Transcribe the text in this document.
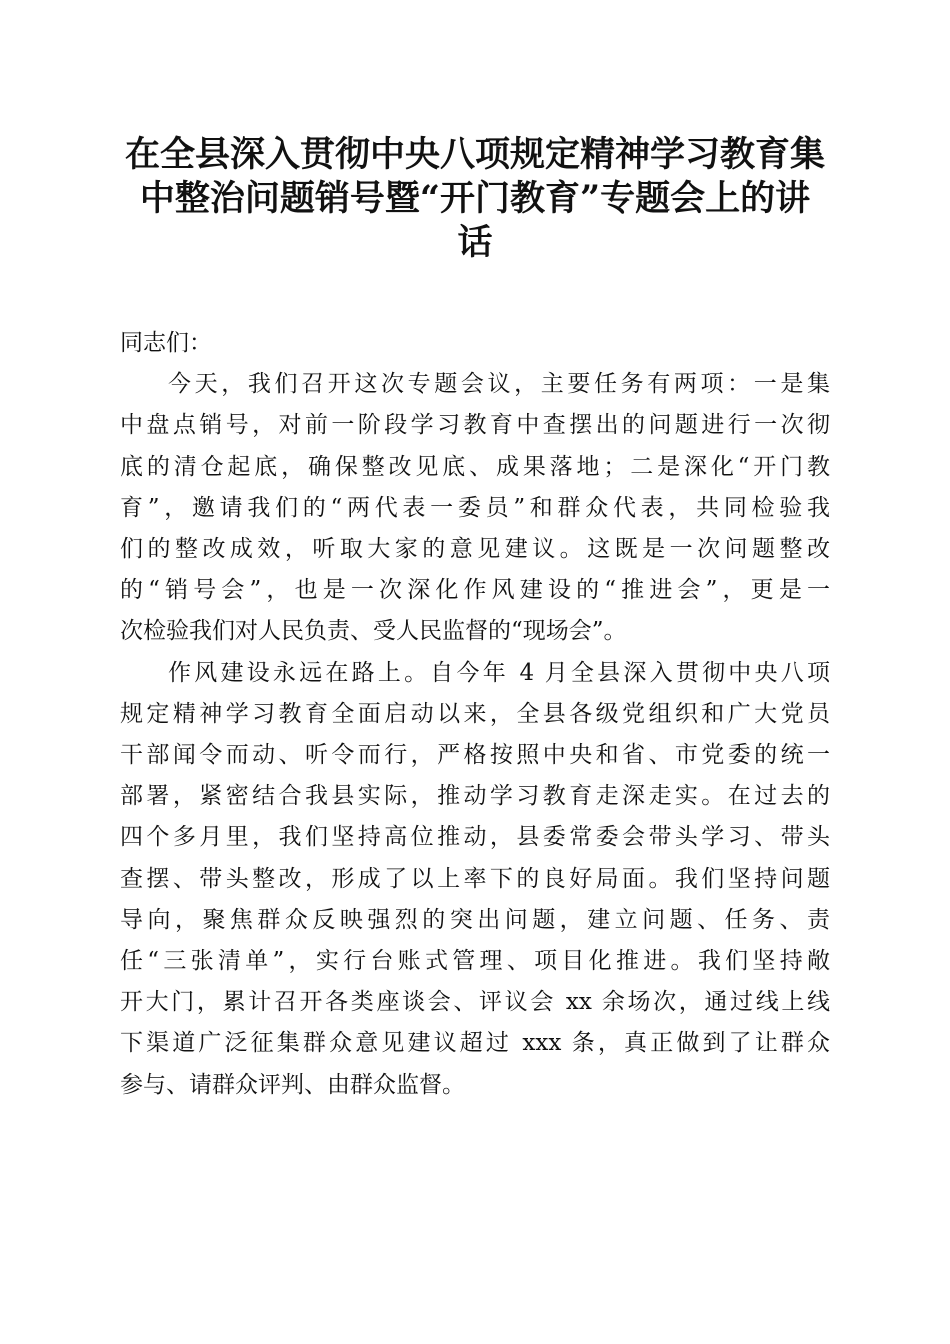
在全县深入贯彻中央八项规定精神学习教育集
中整治问题销号暨“开门教育”专题会上的讲
话

同志们：

今天，我们召开这次专题会议，主要任务有两项：一是集
中盘点销号，对前一阶段学习教育中查摆出的问题进行一次彻
底的清仓起底，确保整改见底、成果落地；二是深化“开门教
育”，邀请我们的“两代表一委员”和群众代表，共同检验我
们的整改成效，听取大家的意见建议。这既是一次问题整改
的“销号会”，也是一次深化作风建设的“推进会”，更是一
次检验我们对人民负责、受人民监督的“现场会”。

作风建设永远在路上。自今年 4 月全县深入贯彻中央八项
规定精神学习教育全面启动以来，全县各级党组织和广大党员
干部闻令而动、听令而行，严格按照中央和省、市党委的统一
部署，紧密结合我县实际，推动学习教育走深走实。在过去的
四个多月里，我们坚持高位推动，县委常委会带头学习、带头
查摆、带头整改，形成了以上率下的良好局面。我们坚持问题
导向，聚焦群众反映强烈的突出问题，建立问题、任务、责
任“三张清单”，实行台账式管理、项目化推进。我们坚持敞
开大门，累计召开各类座谈会、评议会 xx 余场次，通过线上线
下渠道广泛征集群众意见建议超过 xxx 条，真正做到了让群众
参与、请群众评判、由群众监督。
